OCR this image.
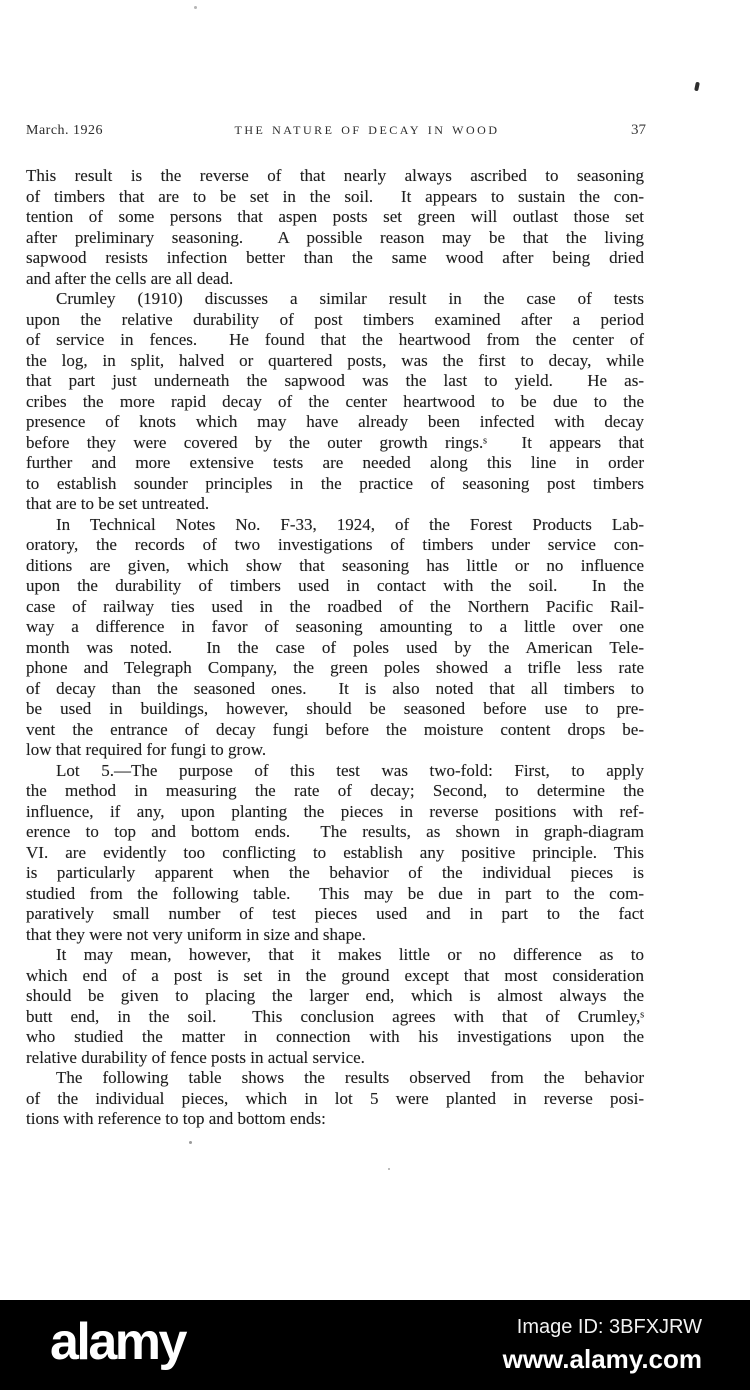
March. 1926	the nature of decay in wood	37
This result is the reverse of that nearly always ascribed to seasoning
of timbers that are to be set in the soil.  It appears to sustain the con-
tention of some persons that aspen posts set green will outlast those set
after preliminary seasoning.  A possible reason may be that the living
sapwood resists infection better than the same wood after being dried
and after the cells are all dead.
Crumley (1910) discusses a similar result in the case of tests
upon the relative durability of post timbers examined after a period
of service in fences.  He found that the heartwood from the center of
the log, in split, halved or quartered posts, was the first to decay, while
that part just underneath the sapwood was the last to yield.  He as-
cribes the more rapid decay of the center heartwood to be due to the
presence of knots which may have already been infected with decay
before they were covered by the outer growth rings.ˢ  It appears that
further and more extensive tests are needed along this line in order
to establish sounder principles in the practice of seasoning post timbers
that are to be set untreated.
In Technical Notes No. F-33, 1924, of the Forest Products Lab-
oratory, the records of two investigations of timbers under service con-
ditions are given, which show that seasoning has little or no influence
upon the durability of timbers used in contact with the soil.  In the
case of railway ties used in the roadbed of the Northern Pacific Rail-
way a difference in favor of seasoning amounting to a little over one
month was noted.  In the case of poles used by the American Tele-
phone and Telegraph Company, the green poles showed a trifle less rate
of decay than the seasoned ones.  It is also noted that all timbers to
be used in buildings, however, should be seasoned before use to pre-
vent the entrance of decay fungi before the moisture content drops be-
low that required for fungi to grow.
Lot 5.—The purpose of this test was two-fold: First, to apply
the method in measuring the rate of decay; Second, to determine the
influence, if any, upon planting the pieces in reverse positions with ref-
erence to top and bottom ends.  The results, as shown in graph-diagram
VI. are evidently too conflicting to establish any positive principle. This
is particularly apparent when the behavior of the individual pieces is
studied from the following table.  This may be due in part to the com-
paratively small number of test pieces used and in part to the fact
that they were not very uniform in size and shape.
It may mean, however, that it makes little or no difference as to
which end of a post is set in the ground except that most consideration
should be given to placing the larger end, which is almost always the
butt end, in the soil.  This conclusion agrees with that of Crumley,ˢ
who studied the matter in connection with his investigations upon the
relative durability of fence posts in actual service.
The following table shows the results observed from the behavior
of the individual pieces, which in lot 5 were planted in reverse posi-
tions with reference to top and bottom ends:
alamy	Image ID: 3BFXJRW
www.alamy.com
